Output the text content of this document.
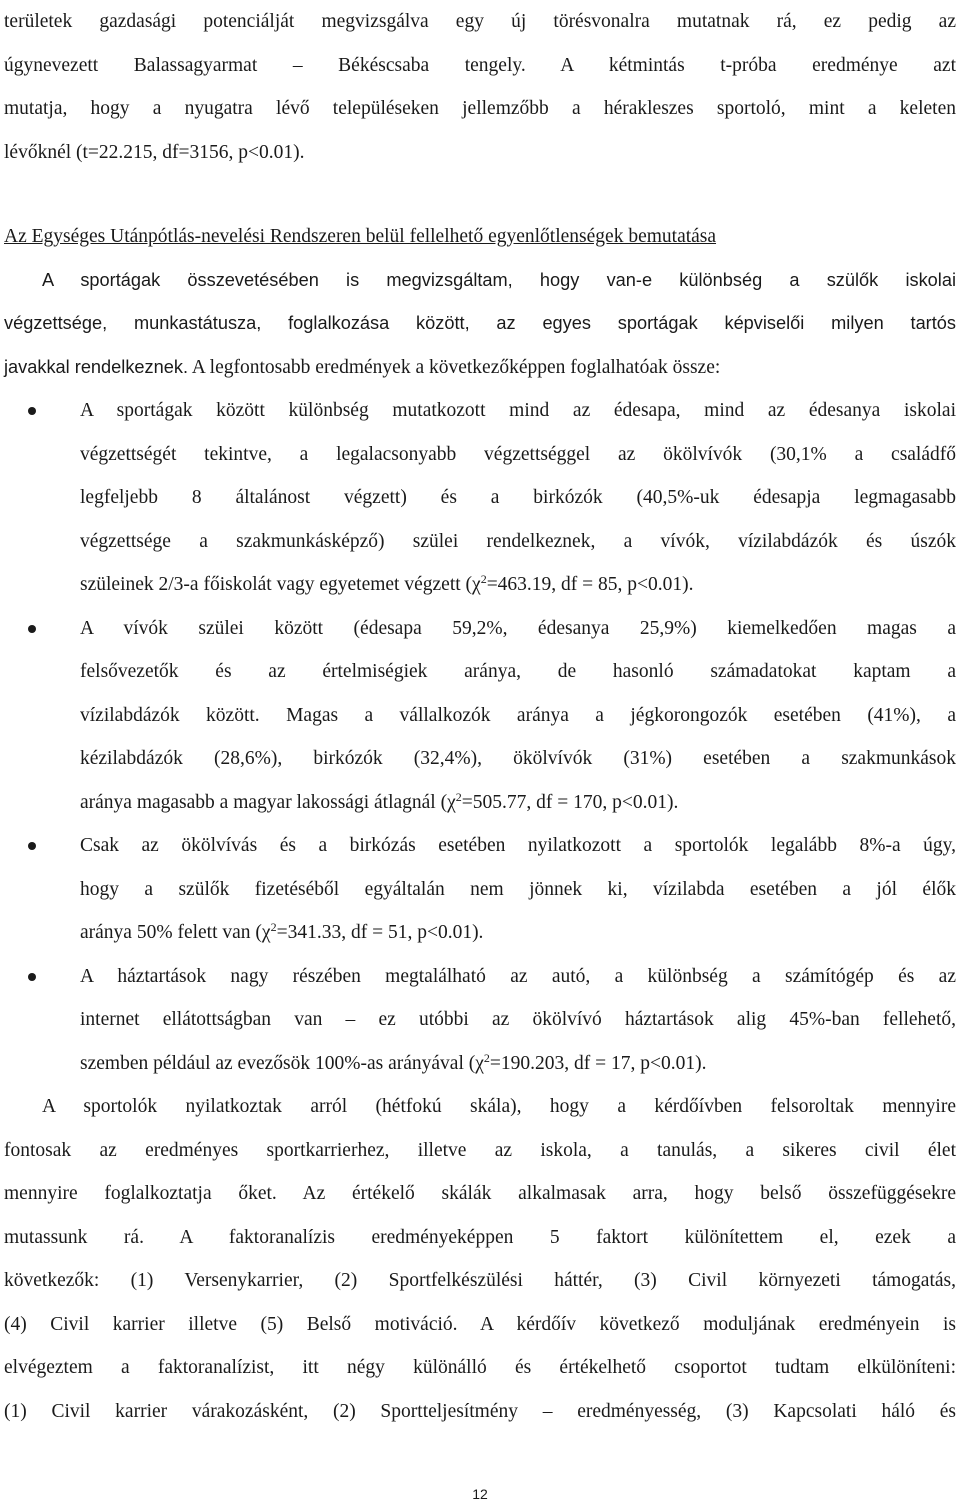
területek gazdasági potenciálját megvizsgálva egy új törésvonalra mutatnak rá, ez pedig az
úgynevezett Balassagyarmat – Békéscsaba tengely. A kétmintás t-próba eredménye azt
mutatja, hogy a nyugatra lévő településeken jellemzőbb a hérakleszes sportoló, mint a keleten
lévőknél (t=22.215, df=3156, p<0.01).
Az Egységes Utánpótlás-nevelési Rendszeren belül fellelhető egyenlőtlenségek bemutatása
A sportágak összevetésében is megvizsgáltam, hogy van-e különbség a szülők iskolai
végzettsége, munkastátusza, foglalkozása között, az egyes sportágak képviselői milyen tartós
javakkal rendelkeznek. A legfontosabb eredmények a következőképpen foglalhatóak össze:
A sportágak között különbség mutatkozott mind az édesapa, mind az édesanya iskolai
végzettségét tekintve, a legalacsonyabb végzettséggel az ökölvívók (30,1% a családfő
legfeljebb 8 általánost végzett) és a birkózók (40,5%-uk édesapja legmagasabb
végzettsége a szakmunkásképző) szülei rendelkeznek, a vívók, vízilabdázók és úszók
szüleinek 2/3-a főiskolát vagy egyetemet végzett ($\chi^2=463.19$, df = 85, p<0.01).
A vívók szülei között (édesapa 59,2%, édesanya 25,9%) kiemelkedően magas a
felsővezetők és az értelmiségiek aránya, de hasonló számadatokat kaptam a
vízilabdázók között. Magas a vállalkozók aránya a jégkorongozók esetében (41%), a
kézilabdázók (28,6%), birkózók (32,4%), ökölvívók (31%) esetében a szakmunkások
aránya magasabb a magyar lakossági átlagnál ($\chi^2=505.77$, df = 170, p<0.01).
Csak az ökölvívás és a birkózás esetében nyilatkozott a sportolók legalább 8%-a úgy,
hogy a szülők fizetéséből egyáltalán nem jönnek ki, vízilabda esetében a jól élők
aránya 50% felett van ($\chi^2=341.33$, df = 51, p<0.01).
A háztartások nagy részében megtalálható az autó, a különbség a számítógép és az
internet ellátottságban van – ez utóbbi az ökölvívó háztartások alig 45%-ban fellehető,
szemben például az evezősök 100%-as arányával ($\chi^2=190.203$, df = 17, p<0.01).
A sportolók nyilatkoztak arról (hétfokú skála), hogy a kérdőívben felsoroltak mennyire
fontosak az eredményes sportkarrierhez, illetve az iskola, a tanulás, a sikeres civil élet
mennyire foglalkoztatja őket. Az értékelő skálák alkalmasak arra, hogy belső összefüggésekre
mutassunk rá. A faktoranalízis eredményeképpen 5 faktort különítettem el, ezek a
következők: (1) Versenykarrier, (2) Sportfelkészülési háttér, (3) Civil környezeti támogatás,
(4) Civil karrier illetve (5) Belső motiváció. A kérdőív következő moduljának eredményein is
elvégeztem a faktoranalízist, itt négy különálló és értékelhető csoportot tudtam elkülöníteni:
(1) Civil karrier várakozásként, (2) Sportteljesítmény – eredményesség, (3) Kapcsolati háló és
12
